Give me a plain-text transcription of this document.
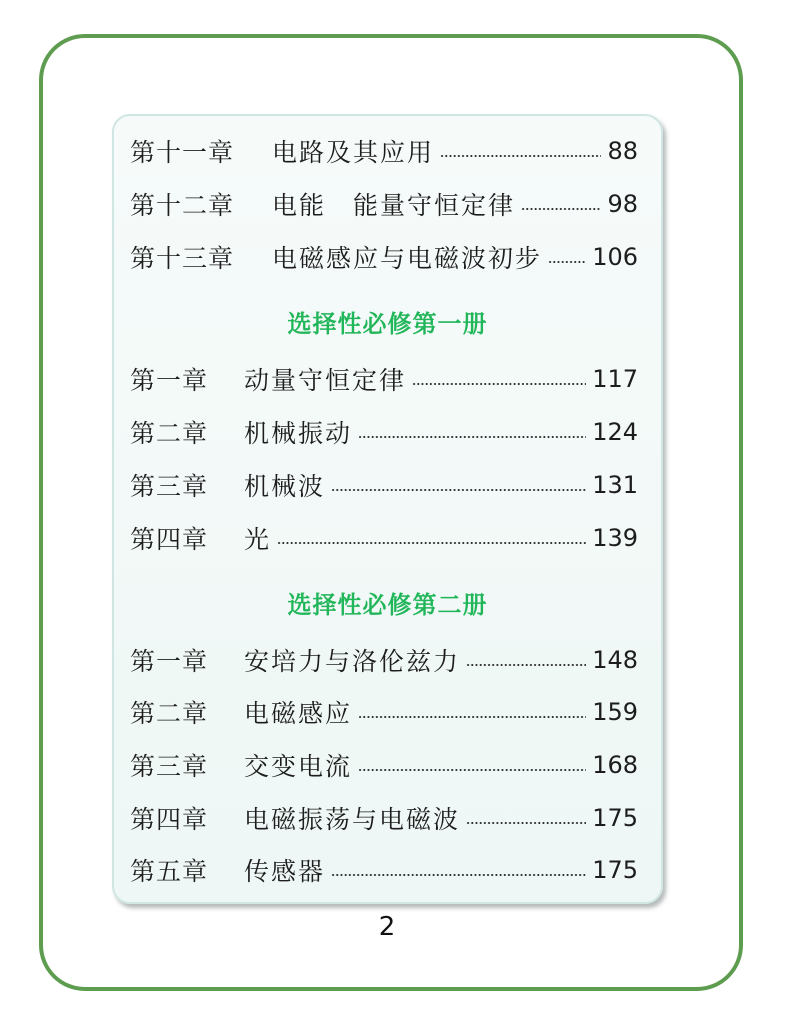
第十一章	电路及其应用	88
第十二章	电能　能量守恒定律	98
第十三章	电磁感应与电磁波初步 106
选择性必修第一册
第一章	动量守恒定律	117
第二章	机械振动	124
第三章	机械波	131
第四章	光	139
选择性必修第二册
第一章	安培力与洛伦兹力	148
第二章	电磁感应	159
第三章	交变电流	168
第四章	电磁振荡与电磁波	175
第五章	传感器	175
2
